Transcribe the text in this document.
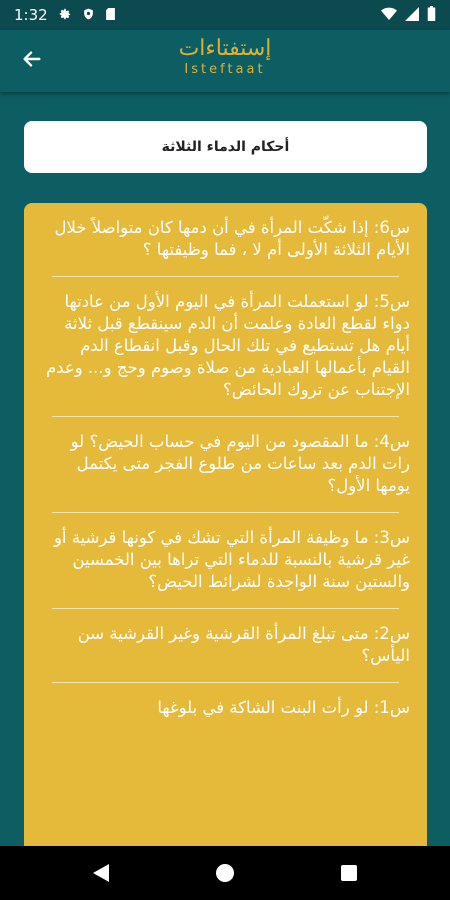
1:32
إستفتاءات
Isteftaat
أحكام الدماء الثلاثة
س6: إذا شكّت المرأة في أن دمها كان متواصلاً خلال الأيام الثلاثة الأولى أم لا ، فما وظيفتها ؟
س5: لو استعملت المرأة في اليوم الأول من عادتها دواء لقطع العادة وعلمت أن الدم سينقطع قبل ثلاثة أيام هل تستطيع في تلك الحال وقبل انقطاع الدم القيام بأعمالها العبادية من صلاة وصوم وحج و... وعدم الإجتناب عن تروك الحائض؟
س4: ما المقصود من اليوم في حساب الحيض؟ لو رات الدم بعد ساعات من طلوع الفجر متى يكتمل يومها الأول؟
س3: ما وظيفة المرأة التي تشك في كونها قرشية أو غير قرشية بالنسبة للدماء التي تراها بين الخمسين والستين سنة الواجدة لشرائط الحيض؟
س2: متى تبلغ المرأة القرشية وغير القرشية سن اليأس؟
س1: لو رأت البنت الشاكة في بلوغها
